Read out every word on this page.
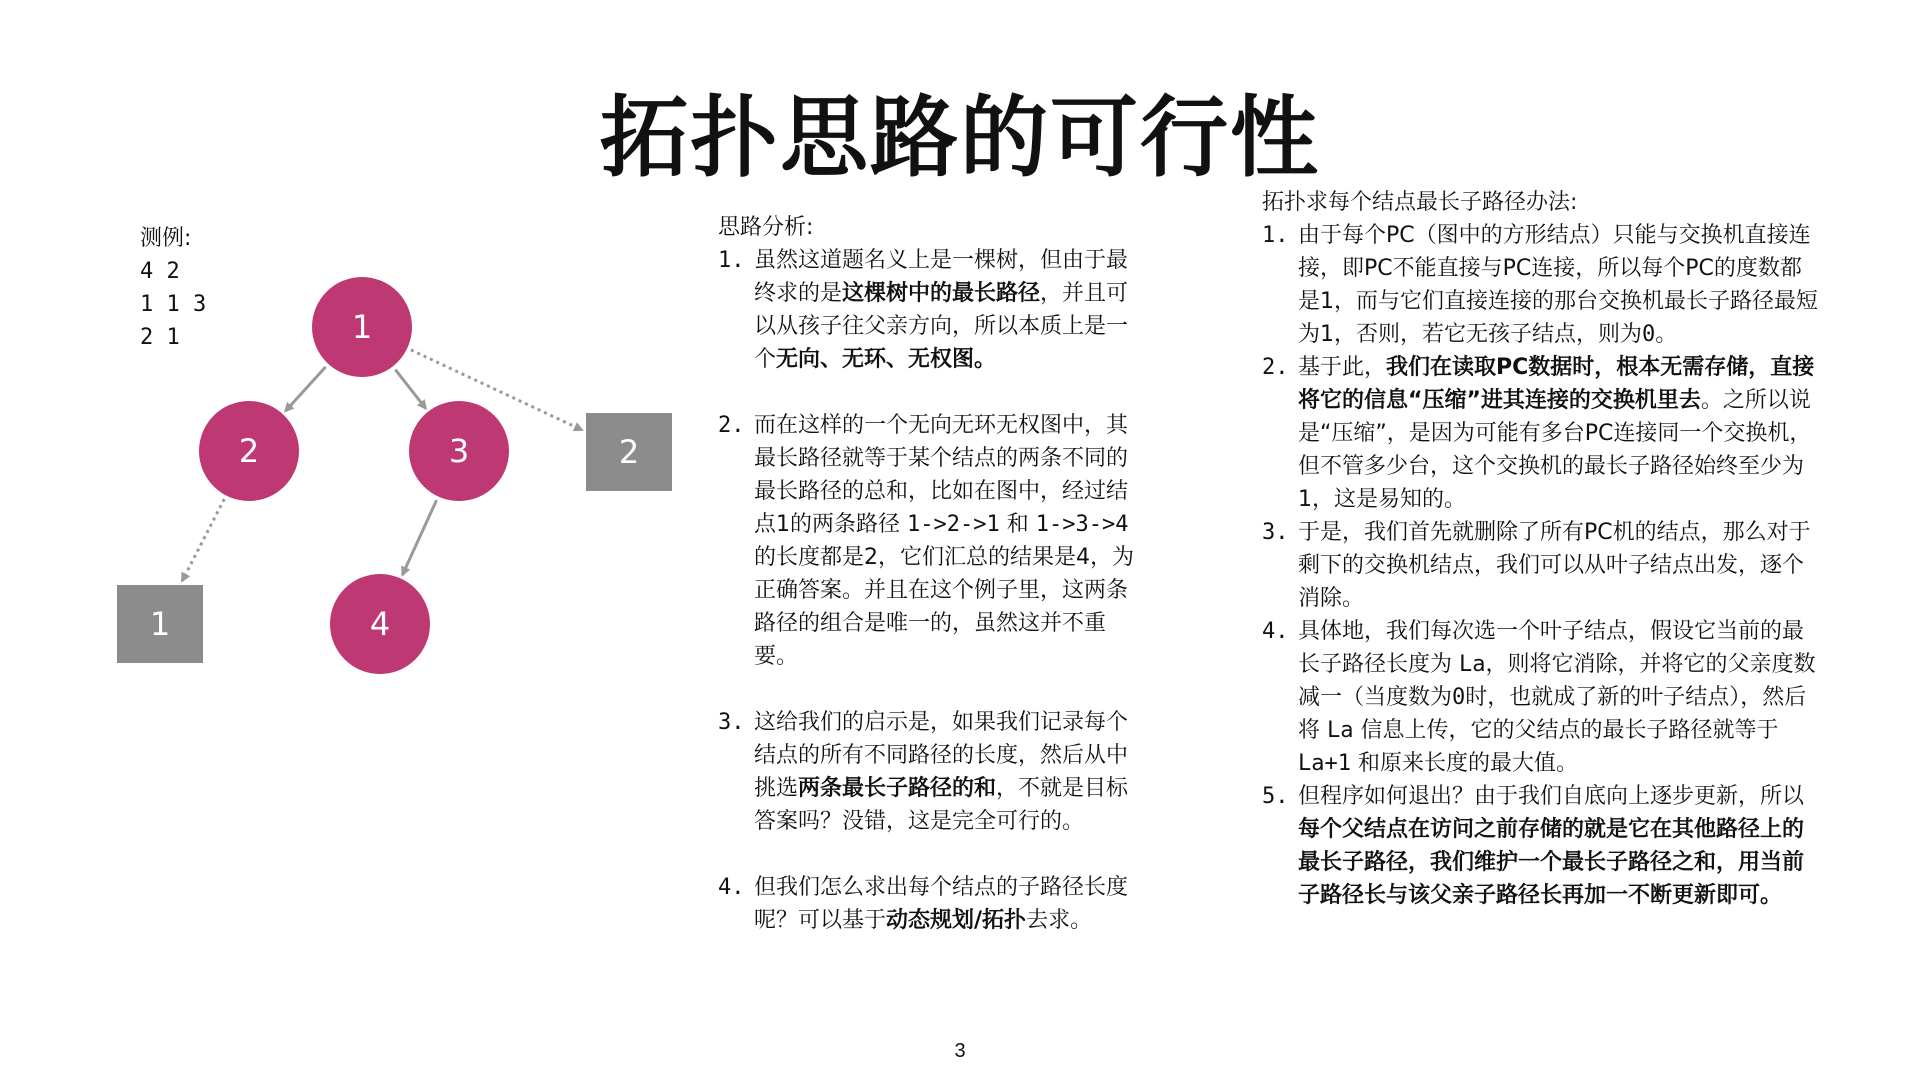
拓扑思路的可行性
测例:
4 2
1 1 3
2 1	1
2	3
4
2
1
思路分析:
1. 虽然这道题名义上是一棵树，但由于最终求的是这棵树中的最长路径，并且可以从孩子往父亲方向，所以本质上是一个无向、无环、无权图。
2. 而在这样的一个无向无环无权图中，其最长路径就等于某个结点的两条不同的最长路径的总和，比如在图中，经过结点1的两条路径 1->2->1 和 1->3->4 的长度都是2，它们汇总的结果是4，为正确答案。并且在这个例子里，这两条路径的组合是唯一的，虽然这并不重要。
3. 这给我们的启示是，如果我们记录每个结点的所有不同路径的长度，然后从中挑选两条最长子路径的和，不就是目标答案吗？没错，这是完全可行的。
4. 但我们怎么求出每个结点的子路径长度呢？可以基于动态规划/拓扑去求。
拓扑求每个结点最长子路径办法:
1. 由于每个PC（图中的方形结点）只能与交换机直接连接，即PC不能直接与PC连接，所以每个PC的度数都是1，而与它们直接连接的那台交换机最长子路径最短为1，否则，若它无孩子结点，则为0。
2. 基于此，我们在读取PC数据时，根本无需存储，直接将它的信息“压缩”进其连接的交换机里去。之所以说是“压缩”，是因为可能有多台PC连接同一个交换机，但不管多少台，这个交换机的最长子路径始终至少为1，这是易知的。
3. 于是，我们首先就删除了所有PC机的结点，那么对于剩下的交换机结点，我们可以从叶子结点出发，逐个消除。
4. 具体地，我们每次选一个叶子结点，假设它当前的最长子路径长度为 La，则将它消除，并将它的父亲度数减一（当度数为0时，也就成了新的叶子结点），然后将 La 信息上传，它的父结点的最长子路径就等于 La+1 和原来长度的最大值。
5. 但程序如何退出？由于我们自底向上逐步更新，所以每个父结点在访问之前存储的就是它在其他路径上的最长子路径，我们维护一个最长子路径之和，用当前子路径长与该父亲子路径长再加一不断更新即可。
3
